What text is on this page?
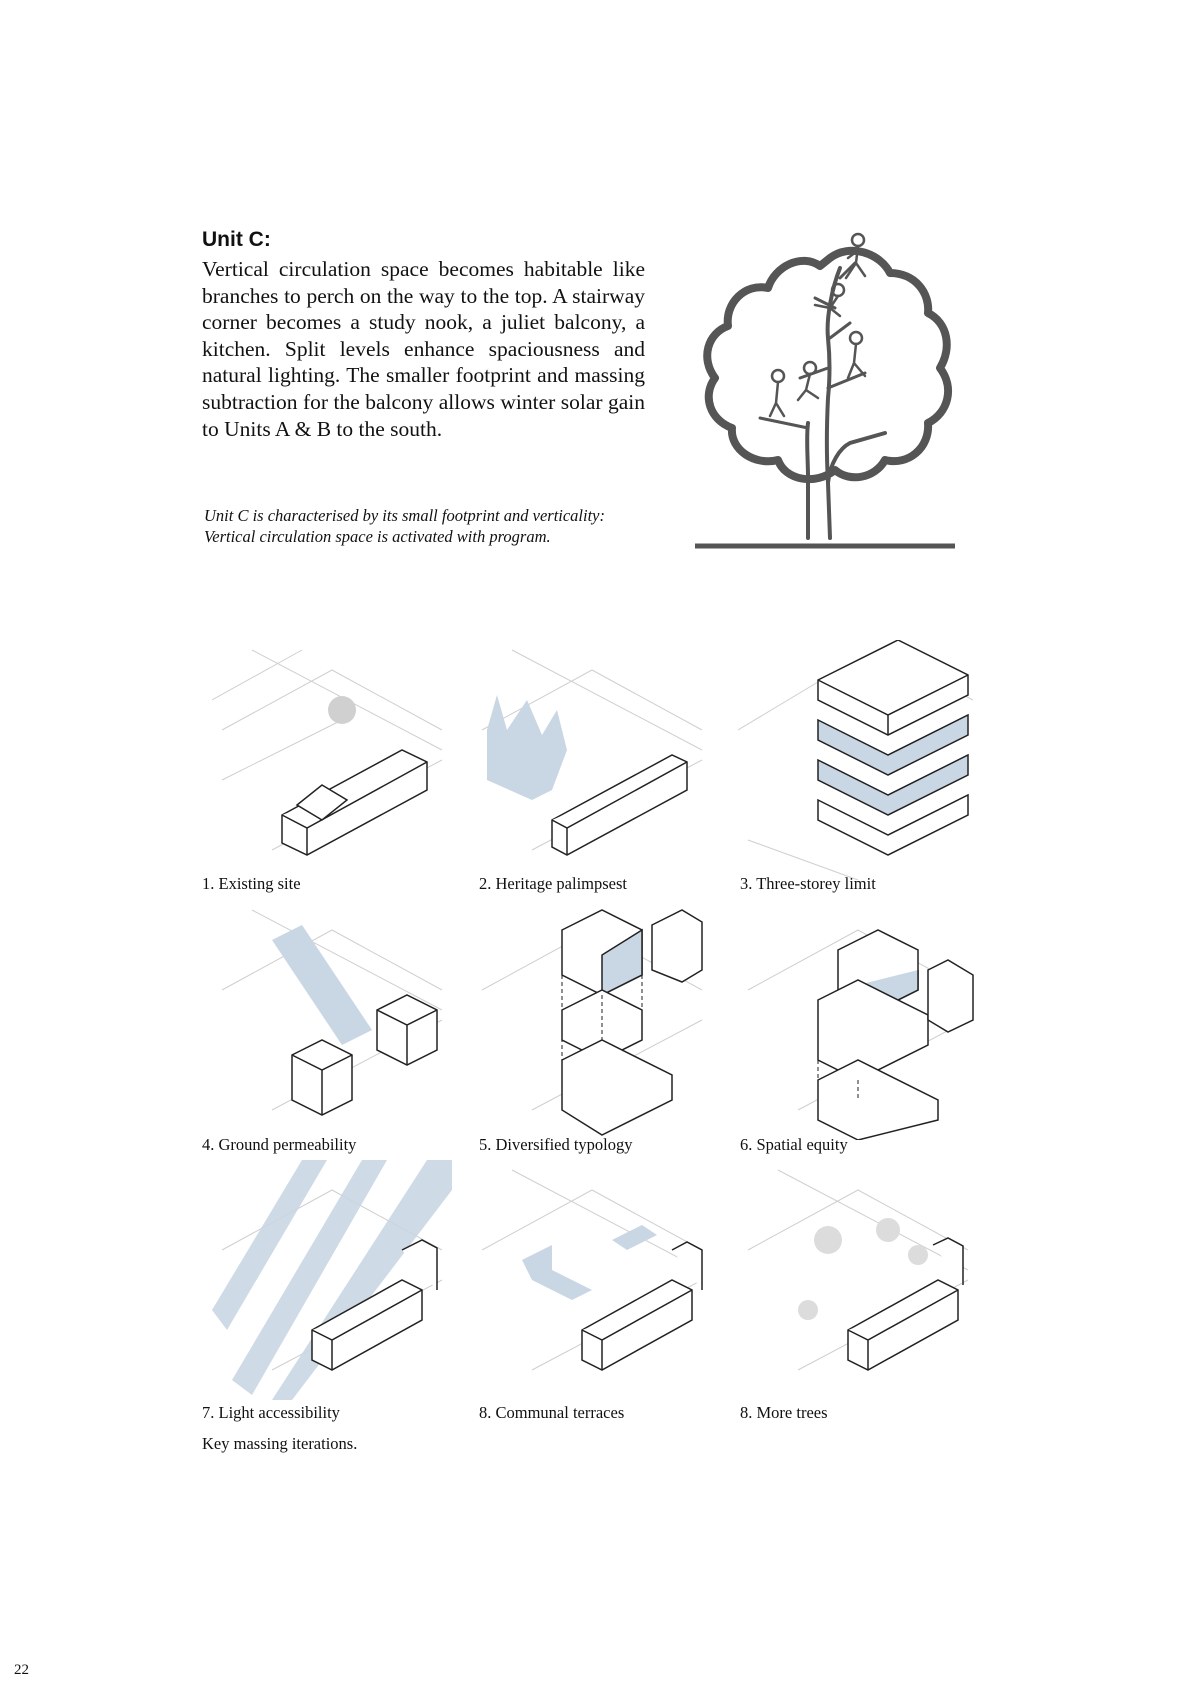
Unit C:
Vertical circulation space becomes habitable like branches to perch on the way to the top. A stairway corner becomes a study nook, a juliet balcony, a kitchen. Split levels enhance spaciousness and natural lighting. The smaller footprint and massing subtraction for the balcony allows winter solar gain to Units A & B to the south.
Unit C is characterised by its small footprint and verticality:
Vertical circulation space is activated with program.
1. Existing site	2. Heritage palimpsest	3. Three-storey limit
4. Ground permeability	5. Diversified typology	6. Spatial equity
7. Light accessibility	8. Communal terraces	8. More trees
Key massing iterations.
22
